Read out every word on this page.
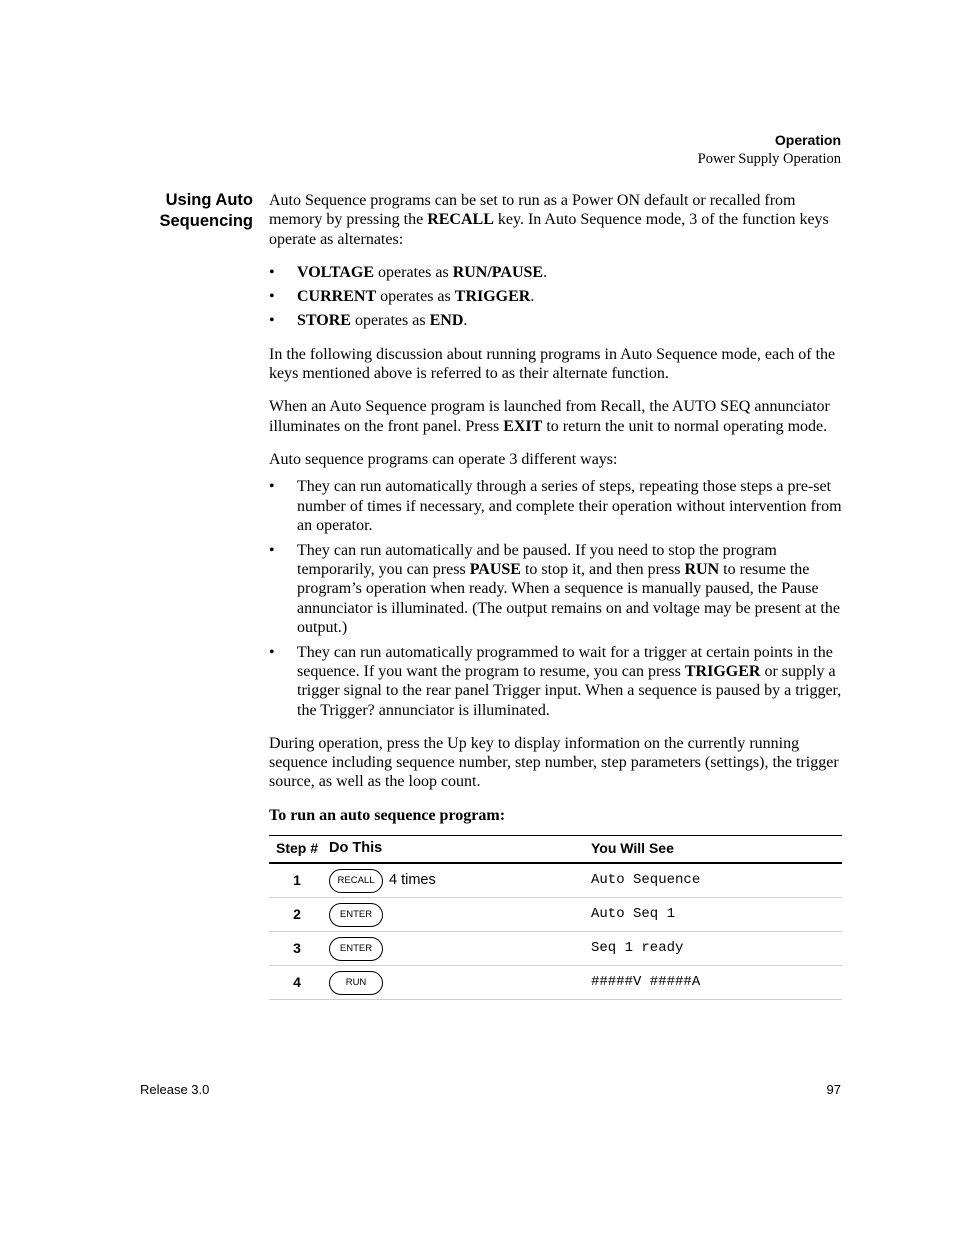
Operation
Power Supply Operation
Using Auto
Sequencing

Auto Sequence programs can be set to run as a Power ON default or recalled from memory by pressing the RECALL key. In Auto Sequence mode, 3 of the function keys operate as alternates:

• VOLTAGE operates as RUN/PAUSE.
• CURRENT operates as TRIGGER.
• STORE operates as END.

In the following discussion about running programs in Auto Sequence mode, each of the keys mentioned above is referred to as their alternate function.

When an Auto Sequence program is launched from Recall, the AUTO SEQ annunciator illuminates on the front panel. Press EXIT to return the unit to normal operating mode.

Auto sequence programs can operate 3 different ways:

• They can run automatically through a series of steps, repeating those steps a pre-set number of times if necessary, and complete their operation without intervention from an operator.
• They can run automatically and be paused. If you need to stop the program temporarily, you can press PAUSE to stop it, and then press RUN to resume the program’s operation when ready. When a sequence is manually paused, the Pause annunciator is illuminated. (The output remains on and voltage may be present at the output.)
• They can run automatically programmed to wait for a trigger at certain points in the sequence. If you want the program to resume, you can press TRIGGER or supply a trigger signal to the rear panel Trigger input. When a sequence is paused by a trigger, the Trigger? annunciator is illuminated.

During operation, press the Up key to display information on the currently running sequence including sequence number, step number, step parameters (settings), the trigger source, as well as the loop count.

To run an auto sequence program:

Step #	Do This	You Will See
1	RECALL 4 times	Auto Sequence
2	ENTER	Auto Seq 1
3	ENTER	Seq 1 ready
4	RUN	#####V #####A
Release 3.0	97
